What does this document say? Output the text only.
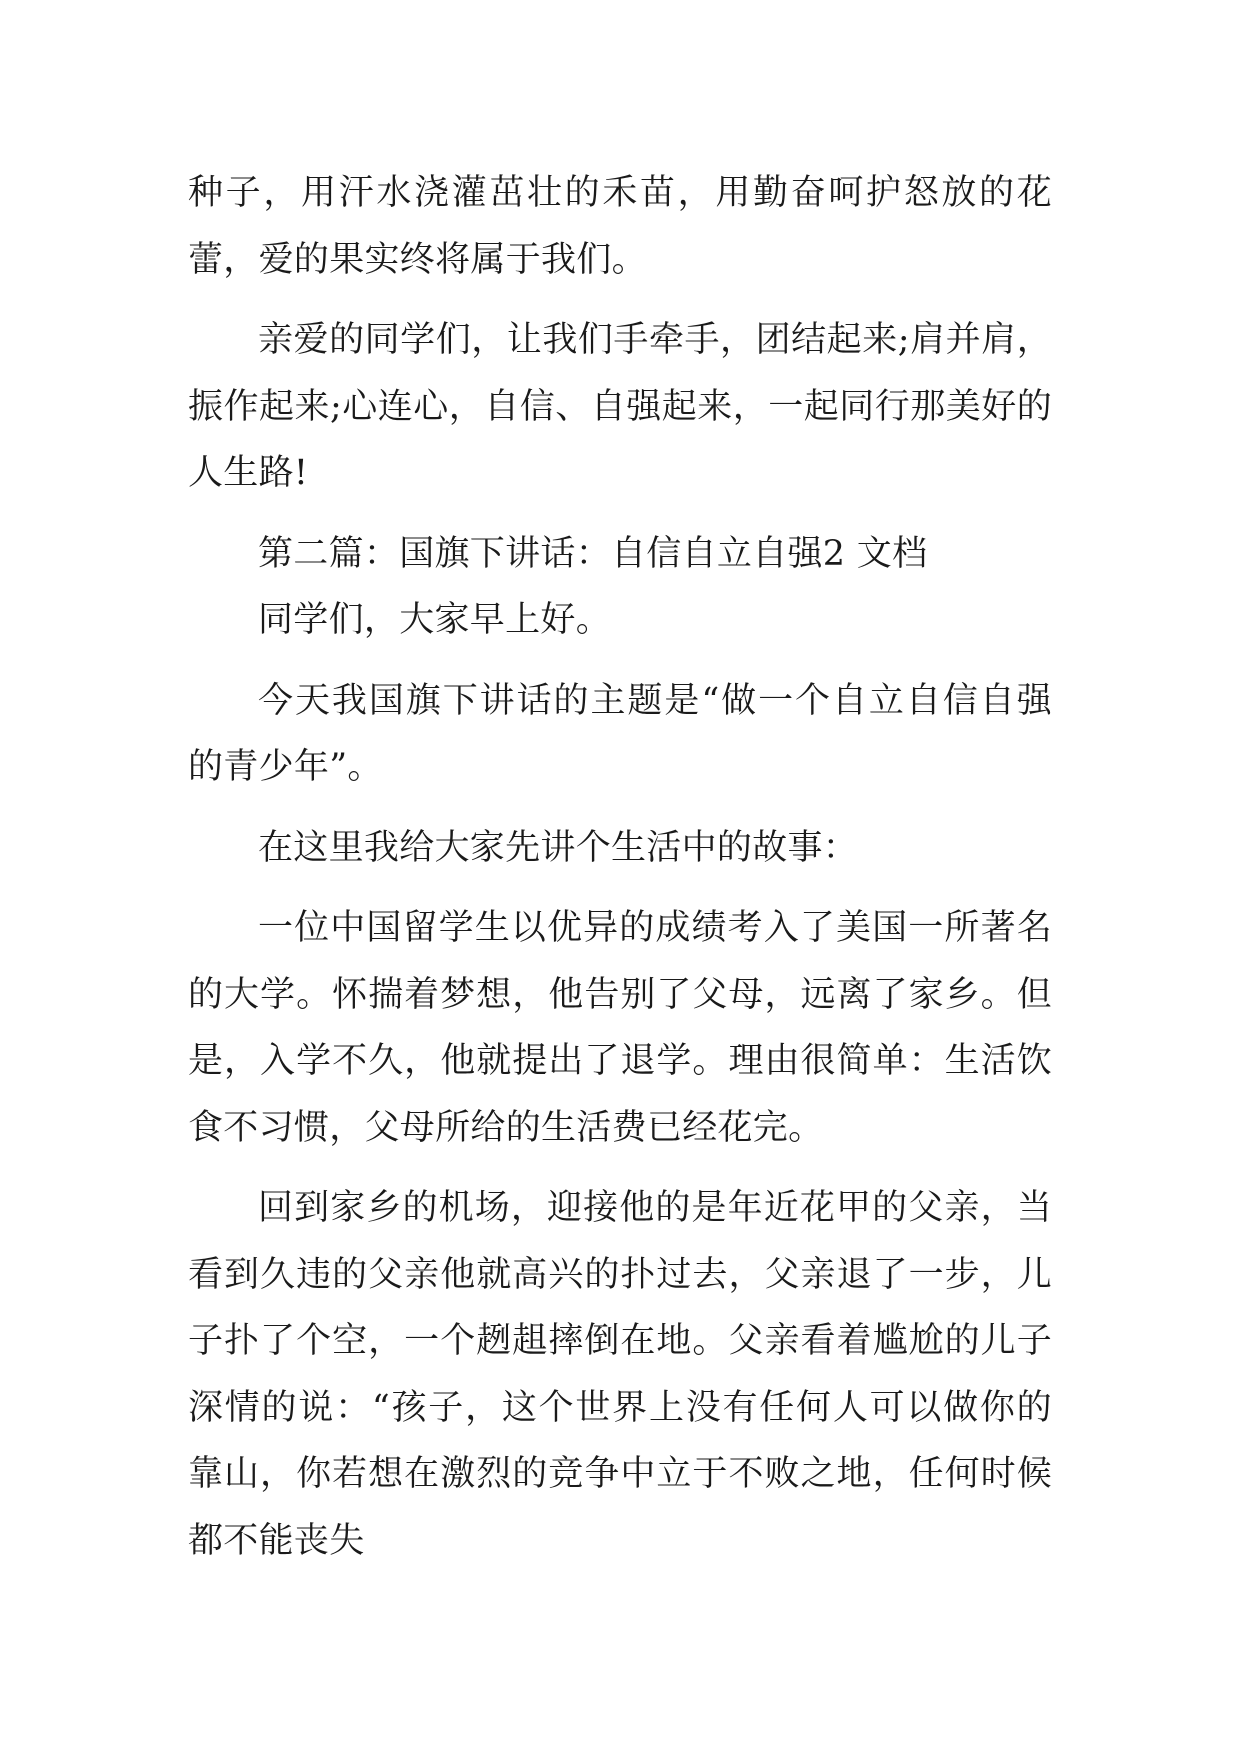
种子，用汗水浇灌茁壮的禾苗，用勤奋呵护怒放的花蕾，爱的果实终将属于我们。

亲爱的同学们，让我们手牵手，团结起来;肩并肩，振作起来;心连心，自信、自强起来，一起同行那美好的人生路!

第二篇：国旗下讲话：自信自立自强2 文档

同学们，大家早上好。

今天我国旗下讲话的主题是“做一个自立自信自强的青少年”。

在这里我给大家先讲个生活中的故事：

一位中国留学生以优异的成绩考入了美国一所著名的大学。怀揣着梦想，他告别了父母，远离了家乡。但是，入学不久，他就提出了退学。理由很简单：生活饮食不习惯，父母所给的生活费已经花完。

回到家乡的机场，迎接他的是年近花甲的父亲，当看到久违的父亲他就高兴的扑过去，父亲退了一步，儿子扑了个空，一个趔趄摔倒在地。父亲看着尴尬的儿子深情的说：“孩子，这个世界上没有任何人可以做你的靠山，你若想在激烈的竞争中立于不败之地，任何时候都不能丧失
